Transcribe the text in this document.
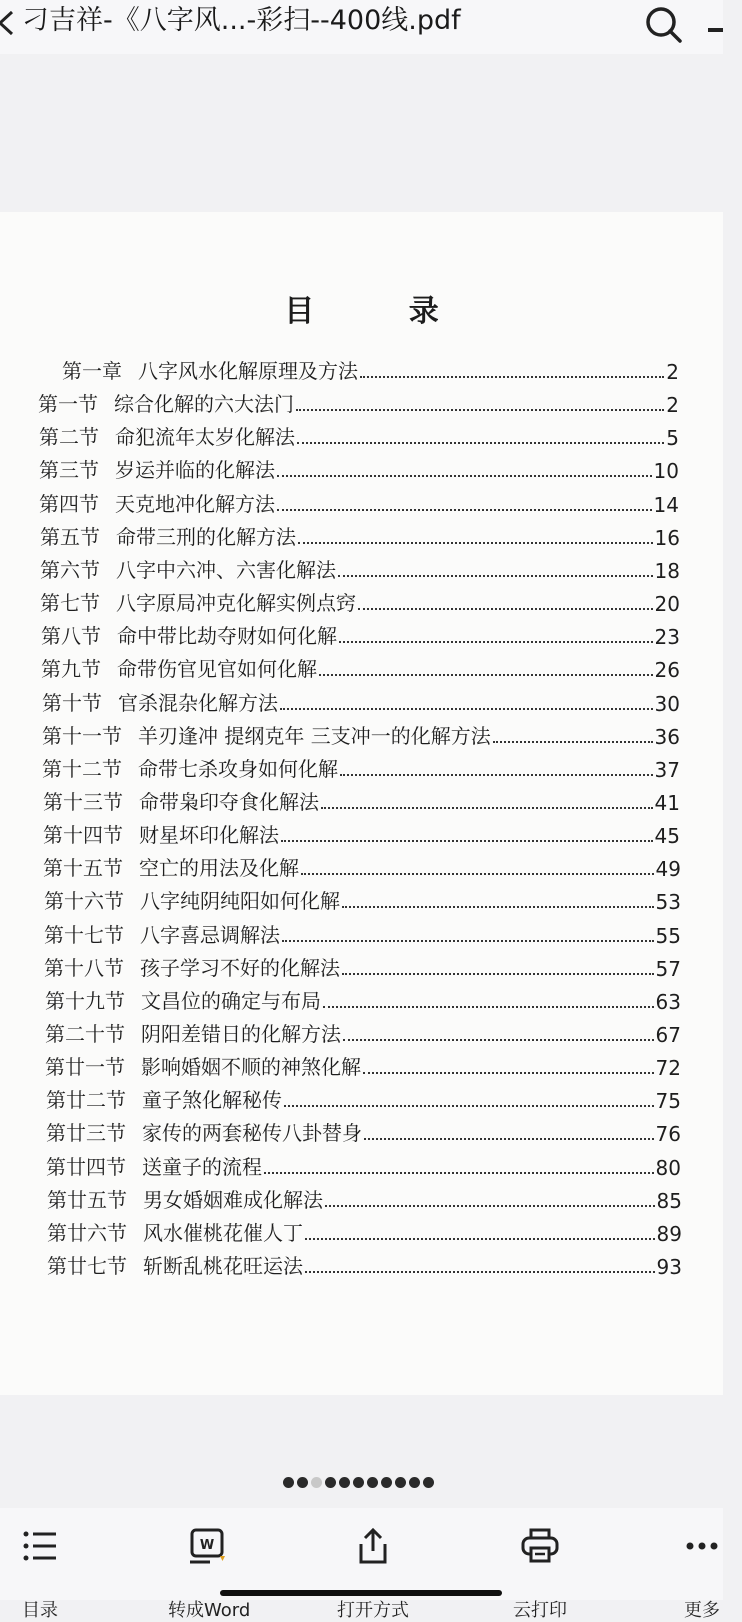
刁吉祥-《八字风...-彩扫--400线.pdf
目 录
第一章 八字风水化解原理及方法	2
第一节 综合化解的六大法门	2
第二节 命犯流年太岁化解法	5
第三节 岁运并临的化解法	10
第四节 天克地冲化解方法	14
第五节 命带三刑的化解方法	16
第六节 八字中六冲、六害化解法	18
第七节 八字原局冲克化解实例点窍	20
第八节 命中带比劫夺财如何化解	23
第九节 命带伤官见官如何化解	26
第十节 官杀混杂化解方法	30
第十一节 羊刃逢冲 提纲克年 三支冲一的化解方法	36
第十二节 命带七杀攻身如何化解	37
第十三节 命带枭印夺食化解法	41
第十四节 财星坏印化解法	45
第十五节 空亡的用法及化解	49
第十六节 八字纯阴纯阳如何化解	53
第十七节 八字喜忌调解法	55
第十八节 孩子学习不好的化解法	57
第十九节 文昌位的确定与布局	63
第二十节 阴阳差错日的化解方法	67
第廿一节 影响婚姻不顺的神煞化解	72
第廿二节 童子煞化解秘传	75
第廿三节 家传的两套秘传八卦替身	76
第廿四节 送童子的流程	80
第廿五节 男女婚姻难成化解法	85
第廿六节 风水催桃花催人丁	89
第廿七节 斩断乱桃花旺运法	93
目录
W
转成Word	打开方式	云打印	更多
